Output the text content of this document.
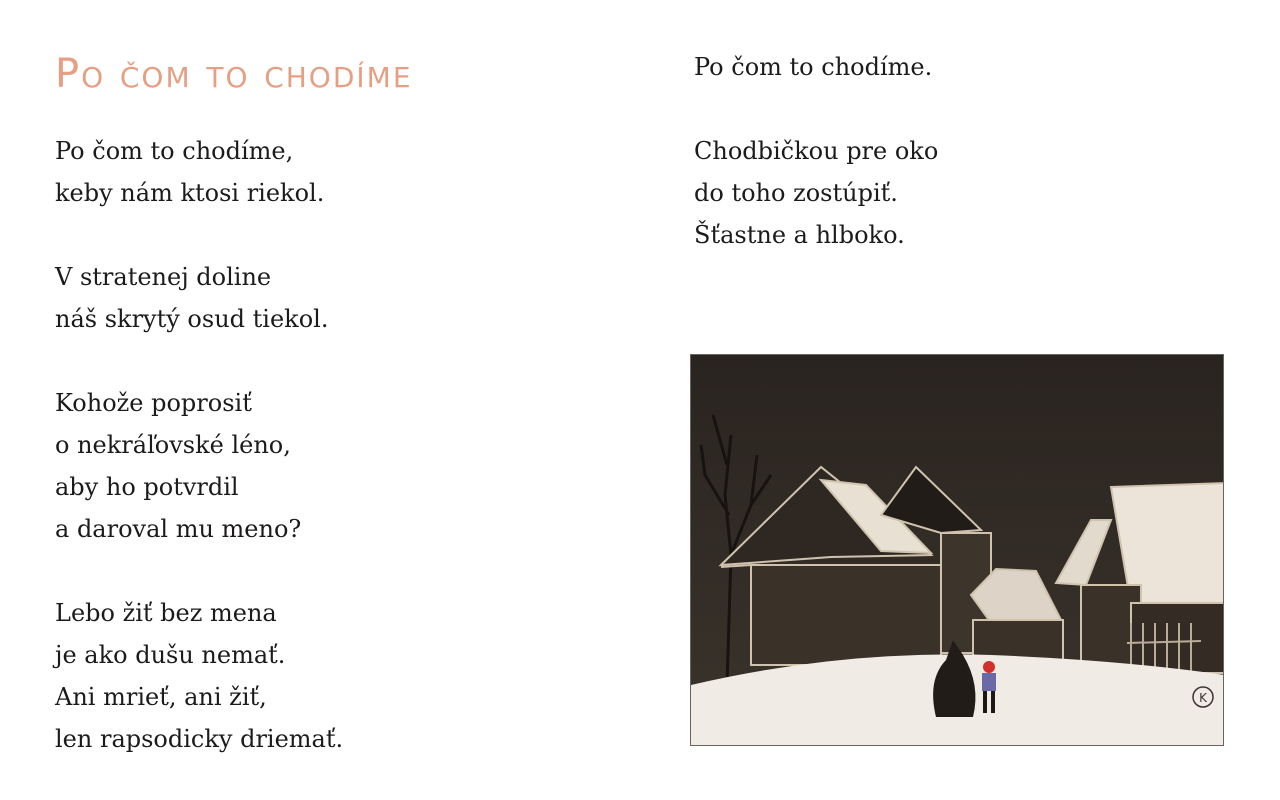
Po čom to chodíme

Po čom to chodíme,
keby nám ktosi riekol.

V stratenej doline
náš skrytý osud tiekol.

Kohože poprosiť
o nekráľovské léno,
aby ho potvrdil
a daroval mu meno?

Lebo žiť bez mena
je ako dušu nemať.
Ani mrieť, ani žiť,
len rapsodicky driemať.

Po čom to chodíme.

Chodbičkou pre oko
do toho zostúpiť.
Šťastne a hlboko.

K
